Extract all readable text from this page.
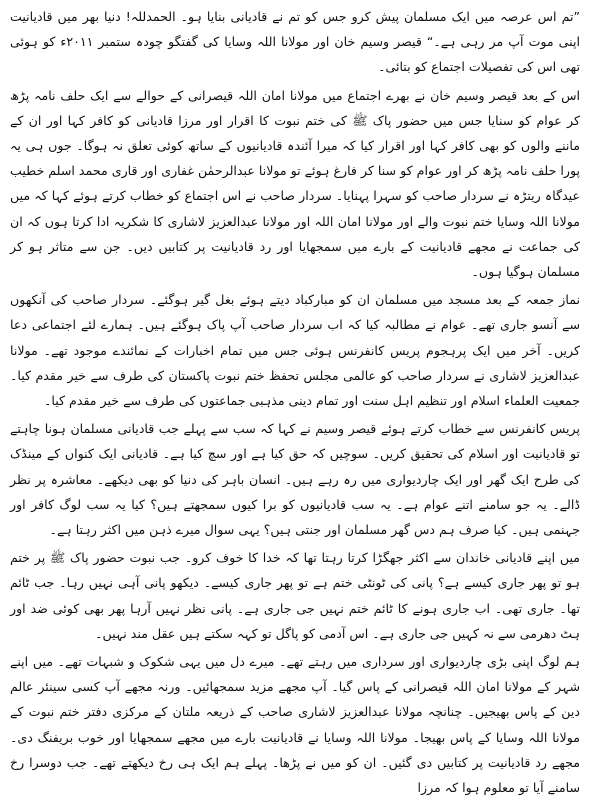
”تم اس عرصہ میں ایک مسلمان پیش کرو جس کو تم نے قادیانی بنایا ہو۔ الحمدللہ! دنیا بھر میں قادیانیت اپنی موت آپ مر رہی ہے۔“ قیصر وسیم خان اور مولانا اللہ وسایا کی گفتگو چودہ ستمبر ۲۰۱۱ء کو ہوئی تھی اس کی تفصیلات اجتماع کو بتائی۔

اس کے بعد قیصر وسیم خان نے بھرے اجتماع میں مولانا امان اللہ قیصرانی کے حوالے سے ایک حلف نامہ پڑھ کر عوام کو سنایا جس میں حضور پاک ﷺ کی ختم نبوت کا اقرار اور مرزا قادیانی کو کافر کہا اور ان کے ماننے والوں کو بھی کافر کہا اور اقرار کیا کہ میرا آئندہ قادیانیوں کے ساتھ کوئی تعلق نہ ہوگا۔ جوں ہی یہ پورا حلف نامہ پڑھ کر اور عوام کو سنا کر فارغ ہوئے تو مولانا عبدالرحمٰن غفاری اور قاری محمد اسلم خطیب عیدگاہ ریتڑہ نے سردار صاحب کو سہرا پہنایا۔ سردار صاحب نے اس اجتماع کو خطاب کرتے ہوئے کہا کہ میں مولانا اللہ وسایا ختم نبوت والے اور مولانا امان اللہ اور مولانا عبدالعزیز لاشاری کا شکریہ ادا کرتا ہوں کہ ان کی جماعت نے مجھے قادیانیت کے بارے میں سمجھایا اور رد قادیانیت پر کتابیں دیں۔ جن سے متاثر ہو کر مسلمان ہوگیا ہوں۔

نماز جمعہ کے بعد مسجد میں مسلمان ان کو مبارکباد دیتے ہوئے بغل گیر ہوگئے۔ سردار صاحب کی آنکھوں سے آنسو جاری تھے۔ عوام نے مطالبہ کیا کہ اب سردار صاحب آپ پاک ہوگئے ہیں۔ ہمارے لئے اجتماعی دعا کریں۔ آخر میں ایک پرہجوم پریس کانفرنس ہوئی جس میں تمام اخبارات کے نمائندے موجود تھے۔ مولانا عبدالعزیز لاشاری نے سردار صاحب کو عالمی مجلس تحفظ ختم نبوت پاکستان کی طرف سے خیر مقدم کیا۔ جمعیت العلماء اسلام اور تنظیم اہل سنت اور تمام دینی مذہبی جماعتوں کی طرف سے خیر مقدم کیا۔

پریس کانفرنس سے خطاب کرتے ہوئے قیصر وسیم نے کہا کہ سب سے پہلے جب قادیانی مسلمان ہونا چاہتے تو قادیانیت اور اسلام کی تحقیق کریں۔ سوچیں کہ حق کیا ہے اور سچ کیا ہے۔ قادیانی ایک کنواں کے مینڈک کی طرح ایک گھر اور ایک چاردیواری میں رہ رہے ہیں۔ انسان باہر کی دنیا کو بھی دیکھے۔ معاشرہ پر نظر ڈالے۔ یہ جو سامنے اتنے عوام ہے۔ یہ سب قادیانیوں کو برا کیوں سمجھتے ہیں؟ کیا یہ سب لوگ کافر اور جہنمی ہیں۔ کیا صرف ہم دس گھر مسلمان اور جنتی ہیں؟ یہی سوال میرے ذہن میں اکثر رہتا ہے۔

میں اپنے قادیانی خاندان سے اکثر جھگڑا کرتا رہتا تھا کہ خدا کا خوف کرو۔ جب نبوت حضور پاک ﷺ پر ختم ہو تو پھر جاری کیسے ہے؟ پانی کی ٹونٹی ختم ہے تو پھر جاری کیسے۔ دیکھو پانی آہی نہیں رہا۔ جب ٹائم تھا۔ جاری تھی۔ اب جاری ہونے کا ٹائم ختم نہیں جی جاری ہے۔ پانی نظر نہیں آرہا پھر بھی کوئی ضد اور ہٹ دھرمی سے نہ کہیں جی جاری ہے۔ اس آدمی کو پاگل تو کہہ سکتے ہیں عقل مند نہیں۔

ہم لوگ اپنی بڑی چاردیواری اور سرداری میں رہتے تھے۔ میرے دل میں یہی شکوک و شبہات تھے۔ میں اپنے شہر کے مولانا امان اللہ قیصرانی کے پاس گیا۔ آپ مجھے مزید سمجھائیں۔ ورنہ مجھے آپ کسی سینئر عالم دین کے پاس بھیجیں۔ چنانچہ مولانا عبدالعزیز لاشاری صاحب کے ذریعہ ملتان کے مرکزی دفتر ختم نبوت کے مولانا اللہ وسایا کے پاس بھیجا۔ مولانا اللہ وسایا نے قادیانیت بارے میں مجھے سمجھایا اور خوب بریفنگ دی۔ مجھے رد قادیانیت پر کتابیں دی گئیں۔ ان کو میں نے پڑھا۔ پہلے ہم ایک ہی رخ دیکھتے تھے۔ جب دوسرا رخ سامنے آیا تو معلوم ہوا کہ مرزا
